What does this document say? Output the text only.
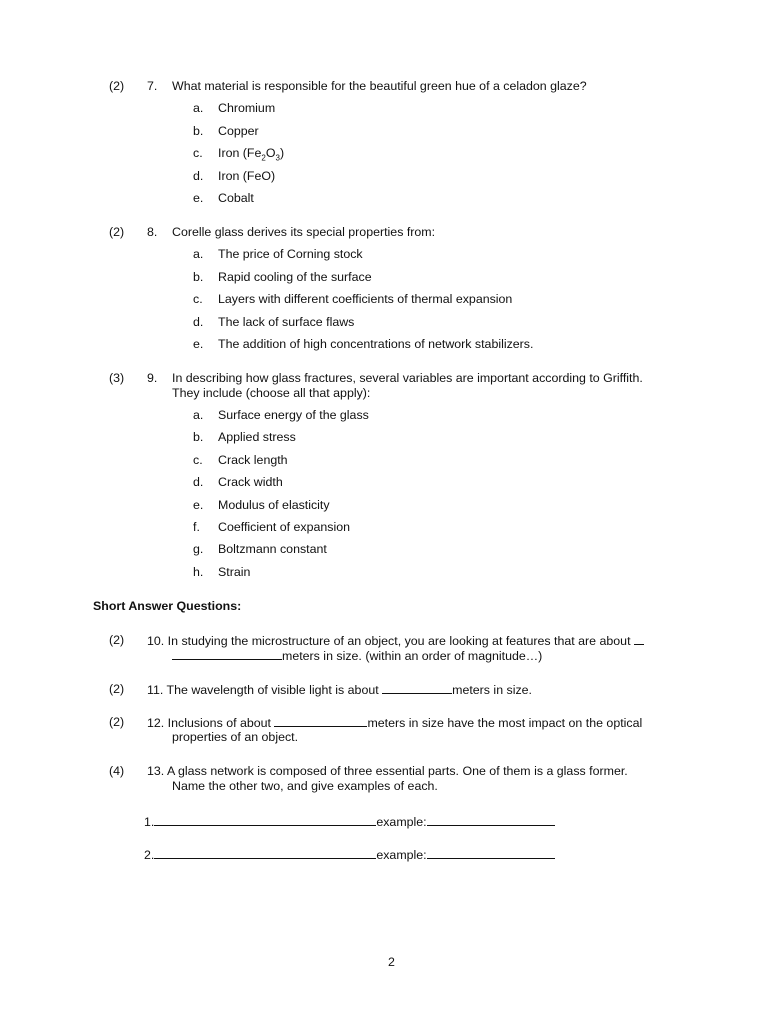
(2) 7. What material is responsible for the beautiful green hue of a celadon glaze?
a. Chromium
b. Copper
c. Iron $(Fe_2O_3)$
d. Iron (FeO)
e. Cobalt
(2) 8. Corelle glass derives its special properties from:
a. The price of Corning stock
b. Rapid cooling of the surface
c. Layers with different coefficients of thermal expansion
d. The lack of surface flaws
e. The addition of high concentrations of network stabilizers.
(3) 9. In describing how glass fractures, several variables are important according to Griffith.
They include (choose all that apply):
a. Surface energy of the glass
b. Applied stress
c. Crack length
d. Crack width
e. Modulus of elasticity
f. Coefficient of expansion
g. Boltzmann constant
h. Strain
Short Answer Questions:
(2) 10. In studying the microstructure of an object, you are looking at features that are about
meters in size. (within an order of magnitude…)
(2) 11. The wavelength of visible light is about	meters in size.
(2) 12. Inclusions of about	meters in size have the most impact on the optical
properties of an object.
(4) 13. A glass network is composed of three essential parts. One of them is a glass former.
Name the other two, and give examples of each.
1.	example:
2.	example:
2
